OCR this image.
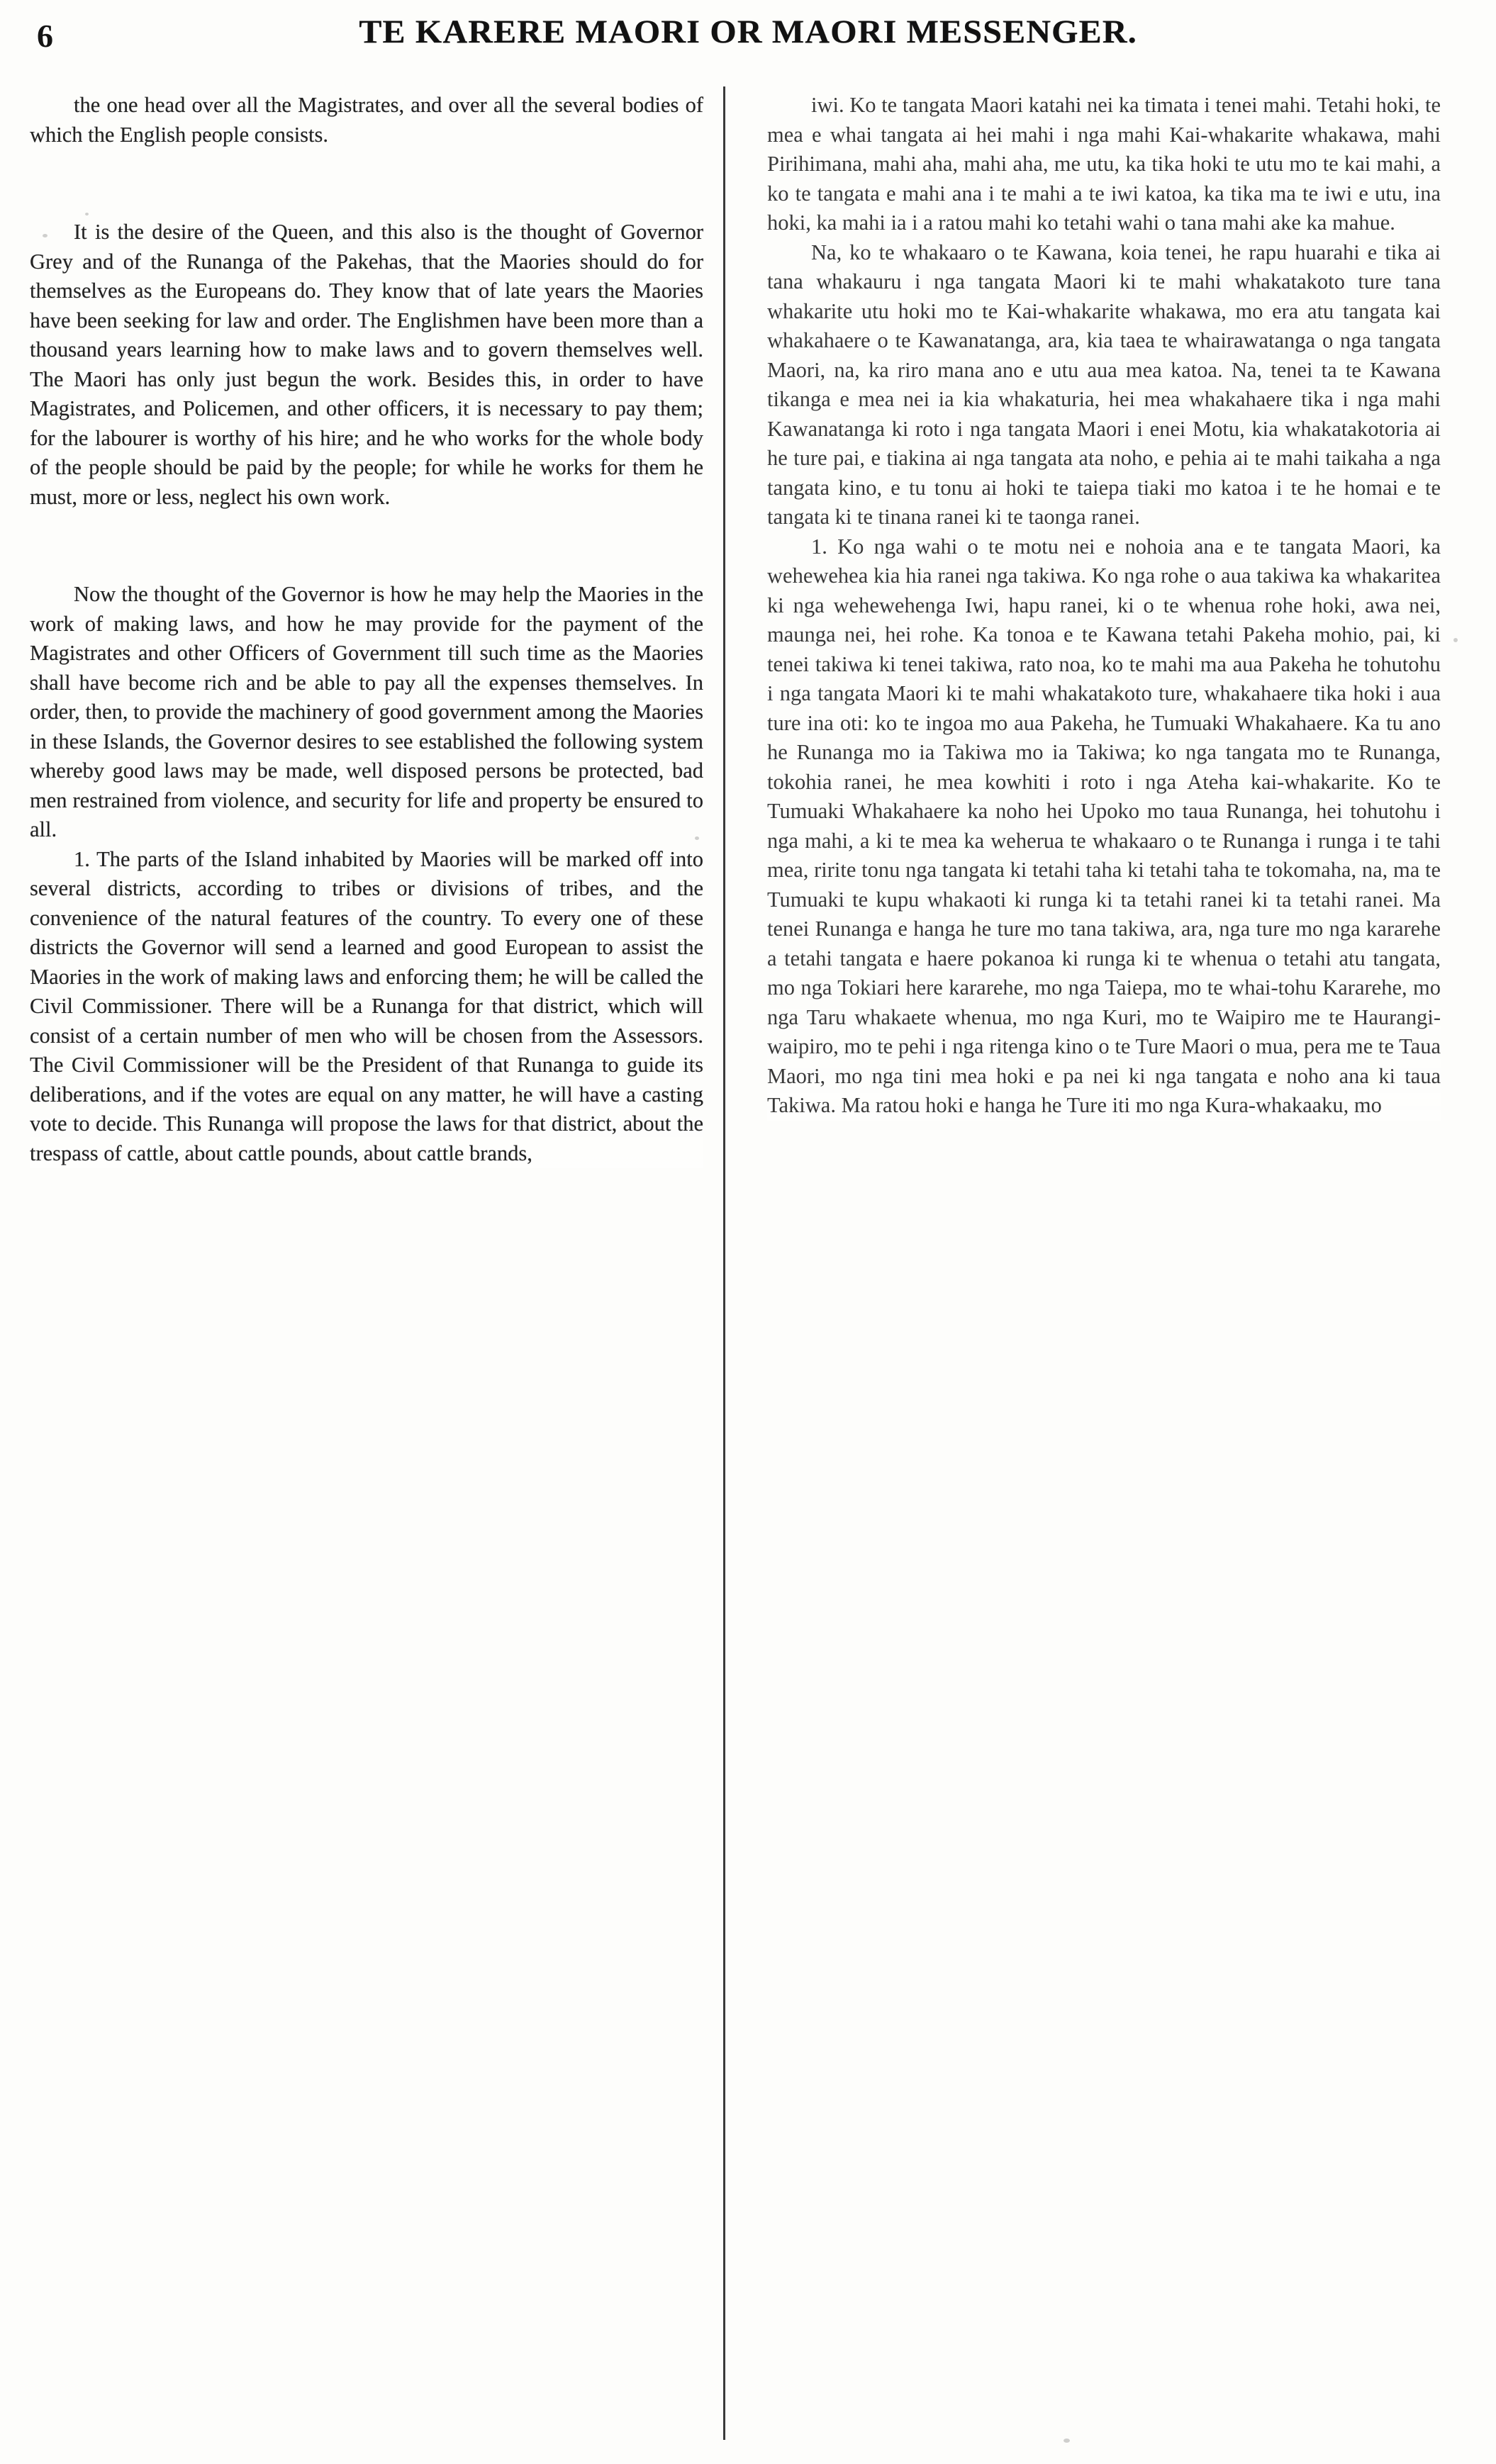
6	TE KARERE MAORI OR MAORI MESSENGER.

the one head over all the Magistrates, and over all the several bodies of which the English people consists.

It is the desire of the Queen, and this also is the thought of Governor Grey and of the Runanga of the Pakehas, that the Maories should do for themselves as the Europeans do. They know that of late years the Maories have been seeking for law and order. The Englishmen have been more than a thousand years learning how to make laws and to govern themselves well. The Maori has only just begun the work. Besides this, in order to have Magistrates, and Policemen, and other officers, it is necessary to pay them; for the labourer is worthy of his hire; and he who works for the whole body of the people should be paid by the people; for while he works for them he must, more or less, neglect his own work.

Now the thought of the Governor is how he may help the Maories in the work of making laws, and how he may provide for the payment of the Magistrates and other Officers of Government till such time as the Maories shall have become rich and be able to pay all the expenses themselves. In order, then, to provide the machinery of good government among the Maories in these Islands, the Governor desires to see established the following system whereby good laws may be made, well disposed persons be protected, bad men restrained from violence, and security for life and property be ensured to all.

1. The parts of the Island inhabited by Maories will be marked off into several districts, according to tribes or divisions of tribes, and the convenience of the natural features of the country. To every one of these districts the Governor will send a learned and good European to assist the Maories in the work of making laws and enforcing them; he will be called the Civil Commissioner. There will be a Runanga for that district, which will consist of a certain number of men who will be chosen from the Assessors. The Civil Commissioner will be the President of that Runanga to guide its deliberations, and if the votes are equal on any matter, he will have a casting vote to decide. This Runanga will propose the laws for that district, about the trespass of cattle, about cattle pounds, about cattle brands,

iwi. Ko te tangata Maori katahi nei ka timata i tenei mahi. Tetahi hoki, te mea e whai tangata ai hei mahi i nga mahi Kai-whakarite whakawa, mahi Pirihimana, mahi aha, mahi aha, me utu, ka tika hoki te utu mo te kai mahi, a ko te tangata e mahi ana i te mahi a te iwi katoa, ka tika ma te iwi e utu, ina hoki, ka mahi ia i a ratou mahi ko tetahi wahi o tana mahi ake ka mahue.

Na, ko te whakaaro o te Kawana, koia tenei, he rapu huarahi e tika ai tana whakauru i nga tangata Maori ki te mahi whakatakoto ture tana whakarite utu hoki mo te Kai-whakarite whakawa, mo era atu tangata kai whakahaere o te Kawanatanga, ara, kia taea te whairawatanga o nga tangata Maori, na, ka riro mana ano e utu aua mea katoa. Na, tenei ta te Kawana tikanga e mea nei ia kia whakaturia, hei mea whakahaere tika i nga mahi Kawanatanga ki roto i nga tangata Maori i enei Motu, kia whakatakotoria ai he ture pai, e tiakina ai nga tangata ata noho, e pehia ai te mahi taikaha a nga tangata kino, e tu tonu ai hoki te taiepa tiaki mo katoa i te he homai e te tangata ki te tinana ranei ki te taonga ranei.

1. Ko nga wahi o te motu nei e nohoia ana e te tangata Maori, ka wehewehea kia hia ranei nga takiwa. Ko nga rohe o aua takiwa ka whakaritea ki nga wehewehenga Iwi, hapu ranei, ki o te whenua rohe hoki, awa nei, maunga nei, hei rohe. Ka tonoa e te Kawana tetahi Pakeha mohio, pai, ki tenei takiwa ki tenei takiwa, rato noa, ko te mahi ma aua Pakeha he tohutohu i nga tangata Maori ki te mahi whakatakoto ture, whakahaere tika hoki i aua ture ina oti: ko te ingoa mo aua Pakeha, he Tumuaki Whakahaere. Ka tu ano he Runanga mo ia Takiwa mo ia Takiwa; ko nga tangata mo te Runanga, tokohia ranei, he mea kowhiti i roto i nga Ateha kai-whakarite. Ko te Tumuaki Whakahaere ka noho hei Upoko mo taua Runanga, hei tohutohu i nga mahi, a ki te mea ka weherua te whakaaro o te Runanga i runga i te tahi mea, ririte tonu nga tangata ki tetahi taha ki tetahi taha te tokomaha, na, ma te Tumuaki te kupu whakaoti ki runga ki ta tetahi ranei ki ta tetahi ranei. Ma tenei Runanga e hanga he ture mo tana takiwa, ara, nga ture mo nga kararehe a tetahi tangata e haere pokanoa ki runga ki te whenua o tetahi atu tangata, mo nga Tokiari here kararehe, mo nga Taiepa, mo te whai-tohu Kararehe, mo nga Taru whakaete whenua, mo nga Kuri, mo te Waipiro me te Haurangi-waipiro, mo te pehi i nga ritenga kino o te Ture Maori o mua, pera me te Taua Maori, mo nga tini mea hoki e pa nei ki nga tangata e noho ana ki taua Takiwa. Ma ratou hoki e hanga he Ture iti mo nga Kura-whakaaku, mo
